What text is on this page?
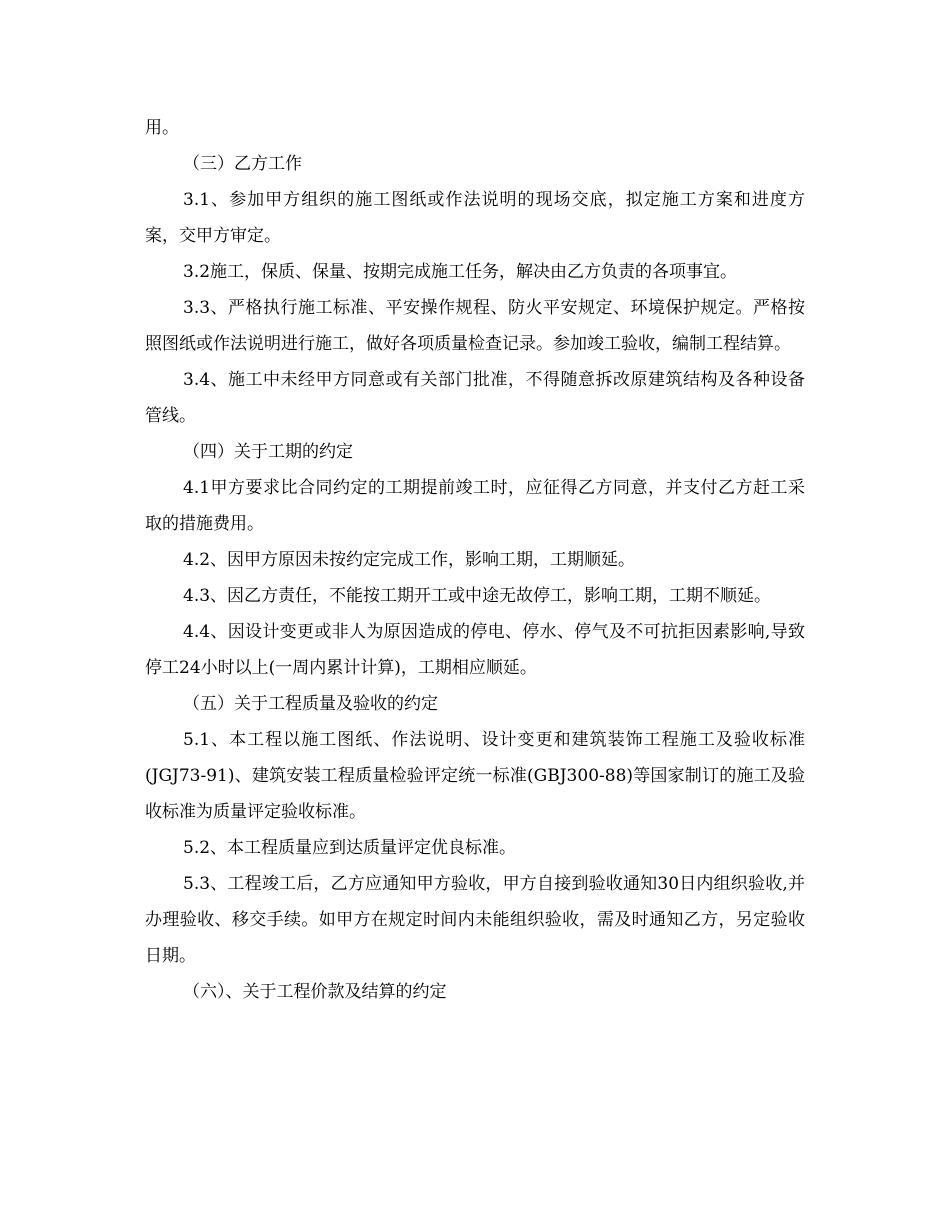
用。

（三）乙方工作

3.1、参加甲方组织的施工图纸或作法说明的现场交底，拟定施工方案和进度方案，交甲方审定。

3.2施工，保质、保量、按期完成施工任务，解决由乙方负责的各项事宜。

3.3、严格执行施工标准、平安操作规程、防火平安规定、环境保护规定。严格按照图纸或作法说明进行施工，做好各项质量检查记录。参加竣工验收，编制工程结算。

3.4、施工中未经甲方同意或有关部门批准，不得随意拆改原建筑结构及各种设备管线。

（四）关于工期的约定

4.1甲方要求比合同约定的工期提前竣工时，应征得乙方同意，并支付乙方赶工采取的措施费用。

4.2、因甲方原因未按约定完成工作，影响工期，工期顺延。

4.3、因乙方责任，不能按工期开工或中途无故停工，影响工期，工期不顺延。

4.4、因设计变更或非人为原因造成的停电、停水、停气及不可抗拒因素影响,导致停工24小时以上(一周内累计计算)，工期相应顺延。

（五）关于工程质量及验收的约定

5.1、本工程以施工图纸、作法说明、设计变更和建筑装饰工程施工及验收标准(JGJ73-91)、建筑安装工程质量检验评定统一标准(GBJ300-88)等国家制订的施工及验收标准为质量评定验收标准。

5.2、本工程质量应到达质量评定优良标准。

5.3、工程竣工后，乙方应通知甲方验收，甲方自接到验收通知30日内组织验收,并办理验收、移交手续。如甲方在规定时间内未能组织验收，需及时通知乙方，另定验收日期。

（六）、关于工程价款及结算的约定
